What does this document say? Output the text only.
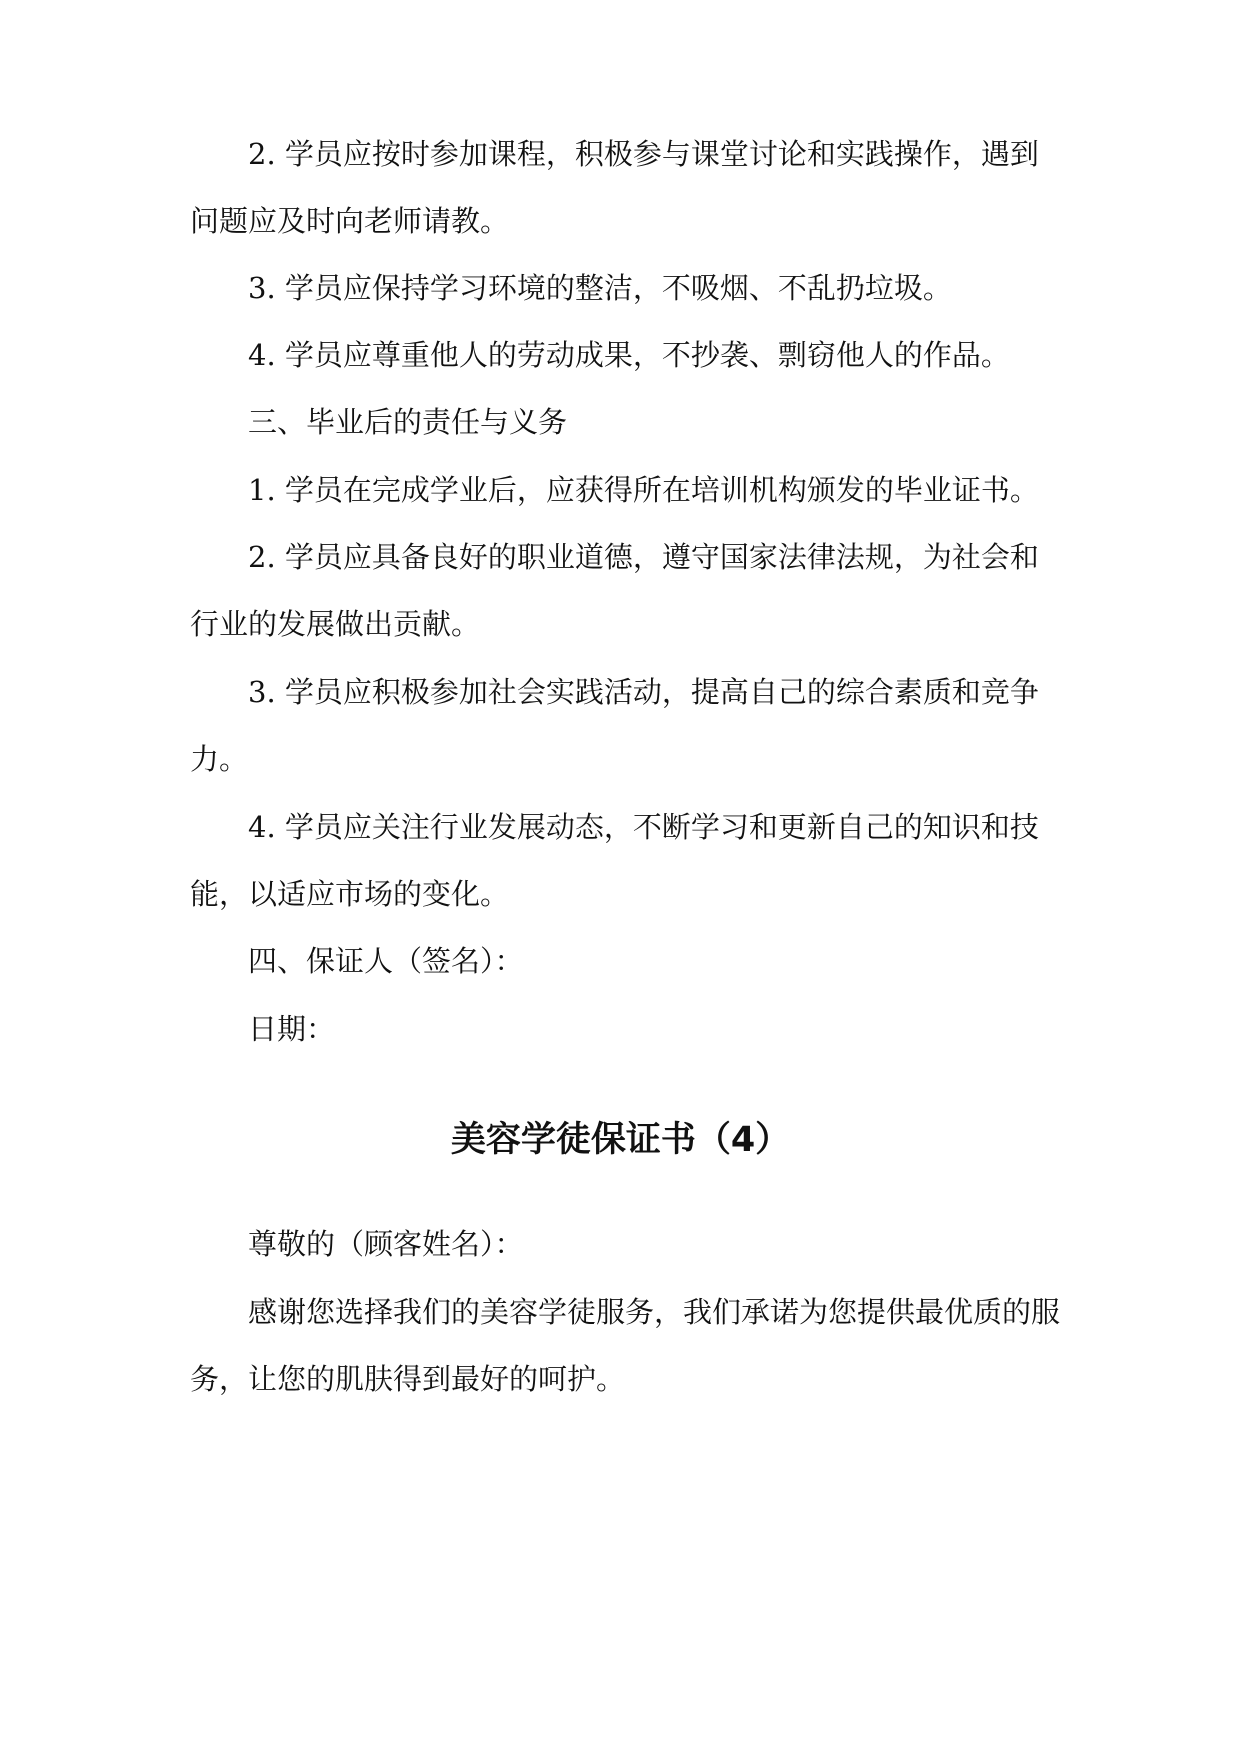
2. 学员应按时参加课程，积极参与课堂讨论和实践操作，遇到
问题应及时向老师请教。
3. 学员应保持学习环境的整洁，不吸烟、不乱扔垃圾。
4. 学员应尊重他人的劳动成果，不抄袭、剽窃他人的作品。
三、毕业后的责任与义务
1. 学员在完成学业后，应获得所在培训机构颁发的毕业证书。
2. 学员应具备良好的职业道德，遵守国家法律法规，为社会和
行业的发展做出贡献。
3. 学员应积极参加社会实践活动，提高自己的综合素质和竞争
力。
4. 学员应关注行业发展动态，不断学习和更新自己的知识和技
能，以适应市场的变化。
四、保证人（签名）：
日期：
美容学徒保证书（4）
尊敬的（顾客姓名）：
感谢您选择我们的美容学徒服务，我们承诺为您提供最优质的服
务，让您的肌肤得到最好的呵护。
